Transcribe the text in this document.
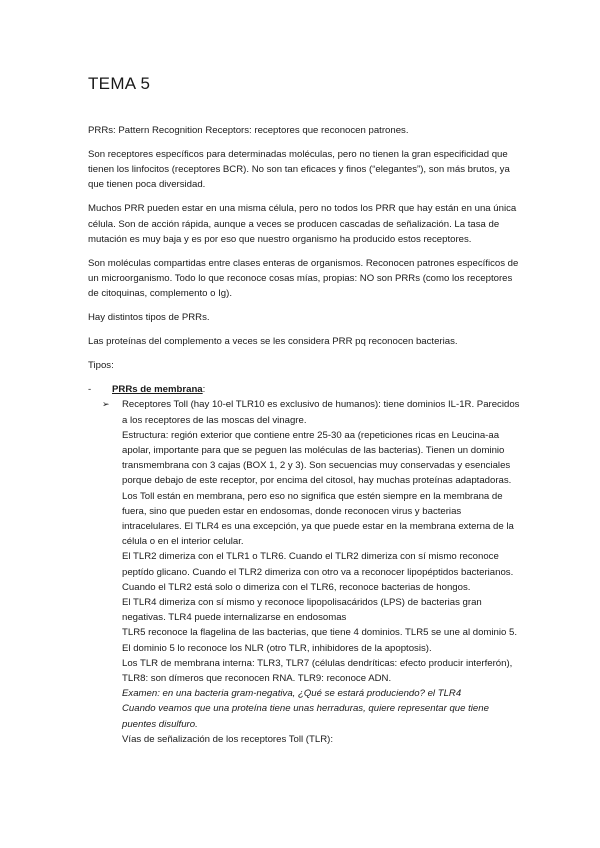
TEMA 5

PRRs: Pattern Recognition Receptors: receptores que reconocen patrones.

Son receptores específicos para determinadas moléculas, pero no tienen la gran especificidad que tienen los linfocitos (receptores BCR). No son tan eficaces y finos (“elegantes”), son más brutos, ya que tienen poca diversidad.

Muchos PRR pueden estar en una misma célula, pero no todos los PRR que hay están en una única célula. Son de acción rápida, aunque a veces se producen cascadas de señalización. La tasa de mutación es muy baja y es por eso que nuestro organismo ha producido estos receptores.

Son moléculas compartidas entre clases enteras de organismos. Reconocen patrones específicos de un microorganismo. Todo lo que reconoce cosas mías, propias: NO son PRRs (como los receptores de citoquinas, complemento o Ig).

Hay distintos tipos de PRRs.

Las proteínas del complemento a veces se les considera PRR pq reconocen bacterias.

Tipos:

- PRRs de membrana:
➢ Receptores Toll (hay 10-el TLR10 es exclusivo de humanos): tiene dominios IL-1R. Parecidos a los receptores de las moscas del vinagre.
Estructura: región exterior que contiene entre 25-30 aa (repeticiones ricas en Leucina-aa apolar, importante para que se peguen las moléculas de las bacterias). Tienen un dominio transmembrana con 3 cajas (BOX 1, 2 y 3). Son secuencias muy conservadas y esenciales porque debajo de este receptor, por encima del citosol, hay muchas proteínas adaptadoras.
Los Toll están en membrana, pero eso no significa que estén siempre en la membrana de fuera, sino que pueden estar en endosomas, donde reconocen virus y bacterias intracelulares. El TLR4 es una excepción, ya que puede estar en la membrana externa de la célula o en el interior celular.
El TLR2 dimeriza con el TLR1 o TLR6. Cuando el TLR2 dimeriza con sí mismo reconoce peptído glicano. Cuando el TLR2 dimeriza con otro va a reconocer lipopéptidos bacterianos. Cuando el TLR2 está solo o dimeriza con el TLR6, reconoce bacterias de hongos.
El TLR4 dimeriza con sí mismo y reconoce lipopolisacáridos (LPS) de bacterias gran negativas. TLR4 puede internalizarse en endosomas
TLR5 reconoce la flagelina de las bacterias, que tiene 4 dominios. TLR5 se une al dominio 5. El dominio 5 lo reconoce los NLR (otro TLR, inhibidores de la apoptosis).
Los TLR de membrana interna: TLR3, TLR7 (células dendríticas: efecto producir interferón), TLR8: son dímeros que reconocen RNA. TLR9: reconoce ADN.
Examen: en una bacteria gram-negativa, ¿Qué se estará produciendo? el TLR4
Cuando veamos que una proteína tiene unas herraduras, quiere representar que tiene puentes disulfuro.
Vías de señalización de los receptores Toll (TLR):
